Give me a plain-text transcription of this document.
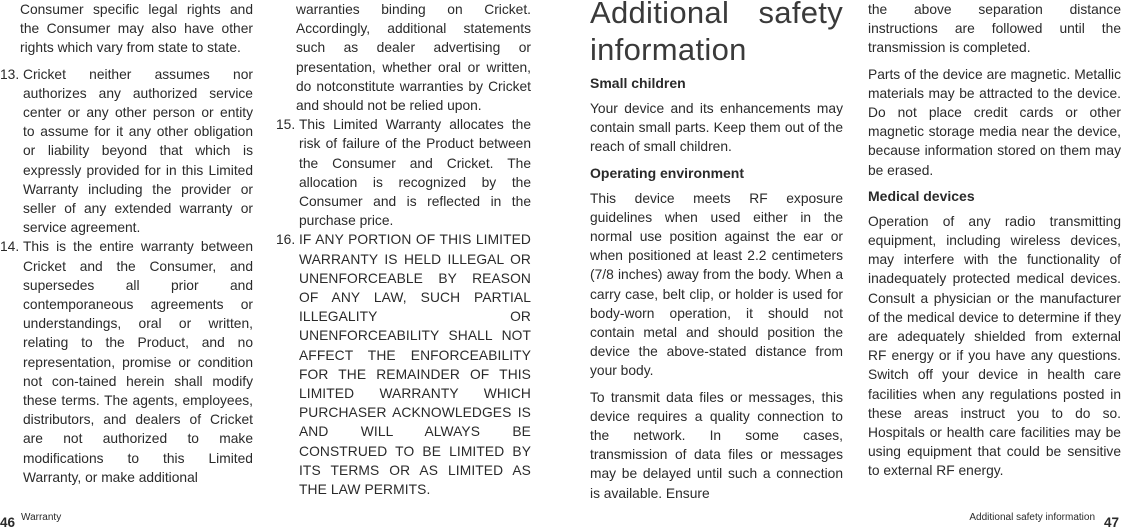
Consumer specific legal rights and the Consumer may also have other rights which vary from state to state.

13. Cricket neither assumes nor authorizes any authorized service center or any other person or entity to assume for it any other obligation or liability beyond that which is expressly provided for in this Limited Warranty including the provider or seller of any extended warranty or service agreement.
14. This is the entire warranty between Cricket and the Consumer, and supersedes all prior and contemporaneous agreements or understandings, oral or written, relating to the Product, and no representation, promise or condition not con-tained herein shall modify these terms. The agents, employees, distributors, and dealers of Cricket are not authorized to make modifications to this Limited Warranty, or make additional

warranties binding on Cricket. Accordingly, additional statements such as dealer advertising or presentation, whether oral or written, do notconstitute warranties by Cricket and should not be relied upon.

15. This Limited Warranty allocates the risk of failure of the Product between the Consumer and Cricket. The allocation is recognized by the Consumer and is reflected in the purchase price.
16. IF ANY PORTION OF THIS LIMITED WARRANTY IS HELD ILLEGAL OR UNENFORCEABLE BY REASON OF ANY LAW, SUCH PARTIAL ILLEGALITY OR UNENFORCEABILITY SHALL NOT AFFECT THE ENFORCEABILITY FOR THE REMAINDER OF THIS LIMITED WARRANTY WHICH PURCHASER ACKNOWLEDGES IS AND WILL ALWAYS BE CONSTRUED TO BE LIMITED BY ITS TERMS OR AS LIMITED AS THE LAW PERMITS.
Additional safety information
Small children

Your device and its enhancements may contain small parts. Keep them out of the reach of small children.

Operating environment

This device meets RF exposure guidelines when used either in the normal use position against the ear or when positioned at least 2.2 centimeters (7/8 inches) away from the body. When a carry case, belt clip, or holder is used for body-worn operation, it should not contain metal and should position the device the above-stated distance from your body.

To transmit data files or messages, this device requires a quality connection to the network. In some cases, transmission of data files or messages may be delayed until such a connection is available. Ensure

the above separation distance instructions are followed until the transmission is completed.

Parts of the device are magnetic. Metallic materials may be attracted to the device. Do not place credit cards or other magnetic storage media near the device, because information stored on them may be erased.

Medical devices

Operation of any radio transmitting equipment, including wireless devices, may interfere with the functionality of inadequately protected medical devices. Consult a physician or the manufacturer of the medical device to determine if they are adequately shielded from external RF energy or if you have any questions. Switch off your device in health care facilities when any regulations posted in these areas instruct you to do so. Hospitals or health care facilities may be using equipment that could be sensitive to external RF energy.

46 Warranty	Additional safety information 47
